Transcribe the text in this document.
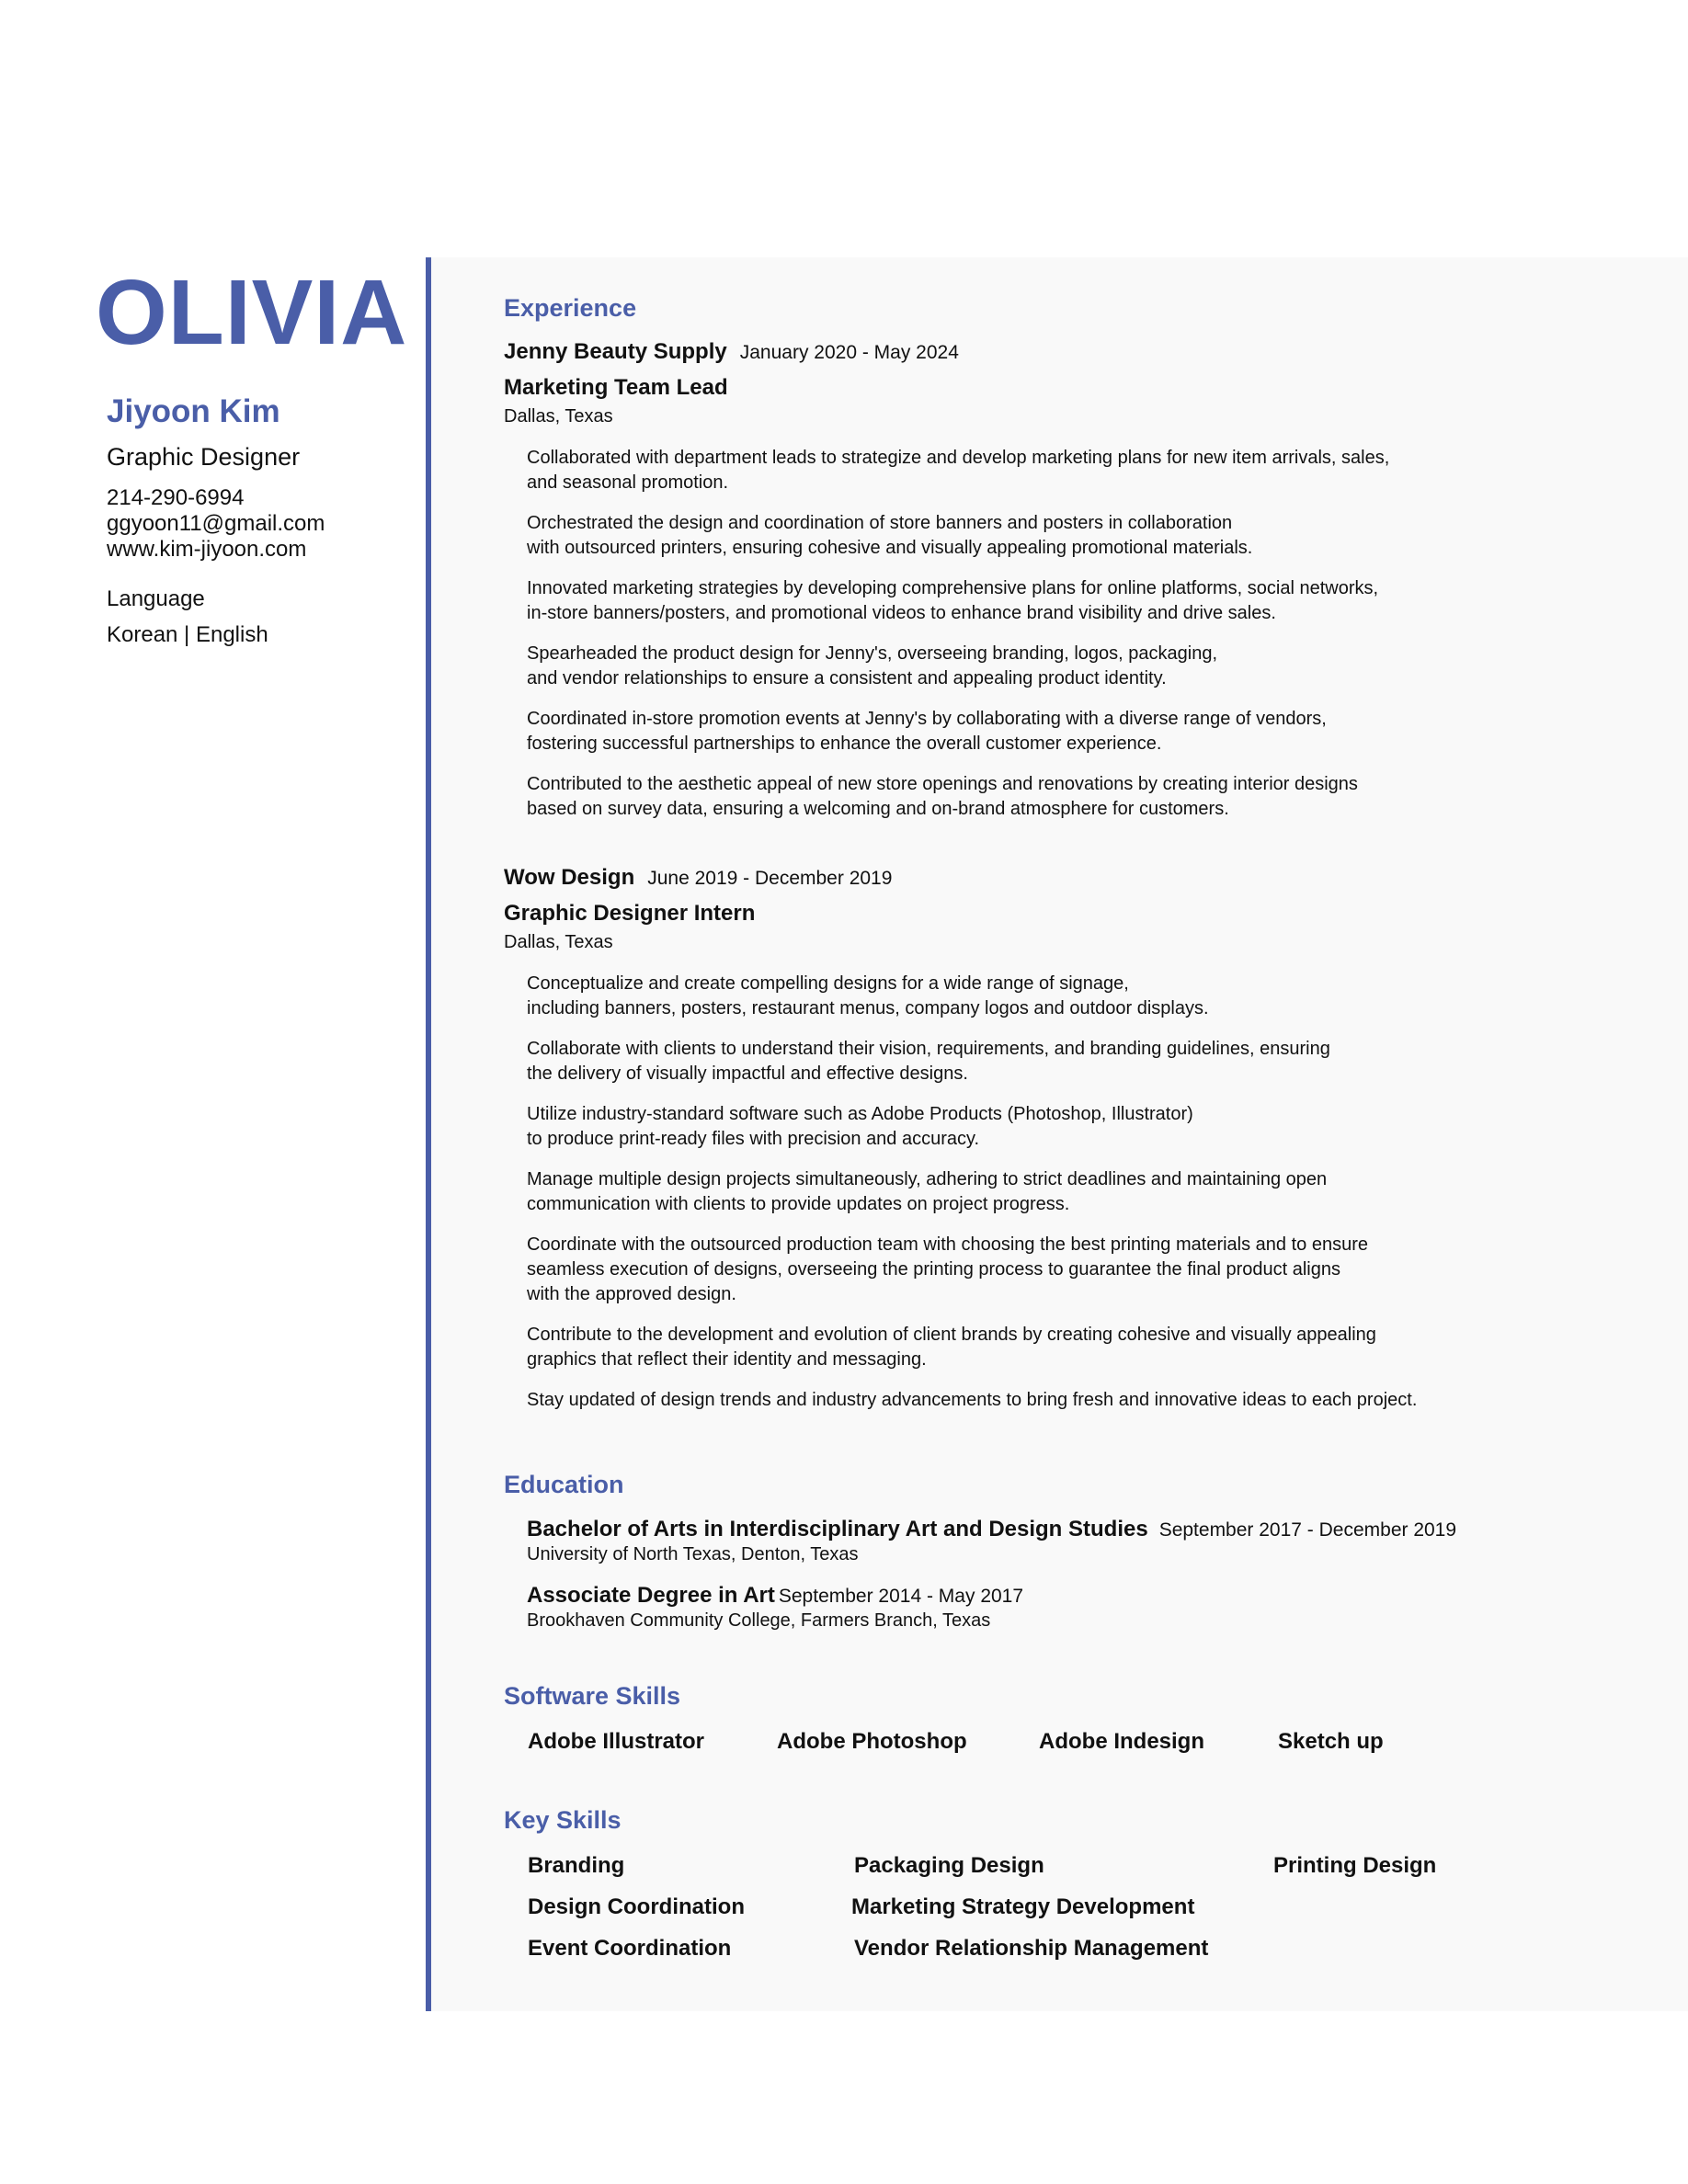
OLIVIA
Jiyoon Kim
Graphic Designer
214-290-6994
ggyoon11@gmail.com
www.kim-jiyoon.com
Language
Korean | English
Experience
Jenny Beauty Supply January 2020 - May 2024
Marketing Team Lead
Dallas, Texas
Collaborated with department leads to strategize and develop marketing plans for new item arrivals, sales,
and seasonal promotion.
Orchestrated the design and coordination of store banners and posters in collaboration
with outsourced printers, ensuring cohesive and visually appealing promotional materials.
Innovated marketing strategies by developing comprehensive plans for online platforms, social networks,
in-store banners/posters, and promotional videos to enhance brand visibility and drive sales.
Spearheaded the product design for Jenny's, overseeing branding, logos, packaging,
and vendor relationships to ensure a consistent and appealing product identity.
Coordinated in-store promotion events at Jenny's by collaborating with a diverse range of vendors,
fostering successful partnerships to enhance the overall customer experience.
Contributed to the aesthetic appeal of new store openings and renovations by creating interior designs
based on survey data, ensuring a welcoming and on-brand atmosphere for customers.
Wow Design June 2019 - December 2019
Graphic Designer Intern
Dallas, Texas
Conceptualize and create compelling designs for a wide range of signage,
including banners, posters, restaurant menus, company logos and outdoor displays.
Collaborate with clients to understand their vision, requirements, and branding guidelines, ensuring
the delivery of visually impactful and effective designs.
Utilize industry-standard software such as Adobe Products (Photoshop, Illustrator)
to produce print-ready files with precision and accuracy.
Manage multiple design projects simultaneously, adhering to strict deadlines and maintaining open
communication with clients to provide updates on project progress.
Coordinate with the outsourced production team with choosing the best printing materials and to ensure
seamless execution of designs, overseeing the printing process to guarantee the final product aligns
with the approved design.
Contribute to the development and evolution of client brands by creating cohesive and visually appealing
graphics that reflect their identity and messaging.
Stay updated of design trends and industry advancements to bring fresh and innovative ideas to each project.
Education
Bachelor of Arts in Interdisciplinary Art and Design Studies September 2017 - December 2019
University of North Texas, Denton, Texas
Associate Degree in Art September 2014 - May 2017
Brookhaven Community College, Farmers Branch, Texas
Software Skills
Adobe Illustrator	Adobe Photoshop	Adobe Indesign	Sketch up
Key Skills
Branding	Packaging Design	Printing Design
Design Coordination	Marketing Strategy Development
Event Coordination	Vendor Relationship Management
